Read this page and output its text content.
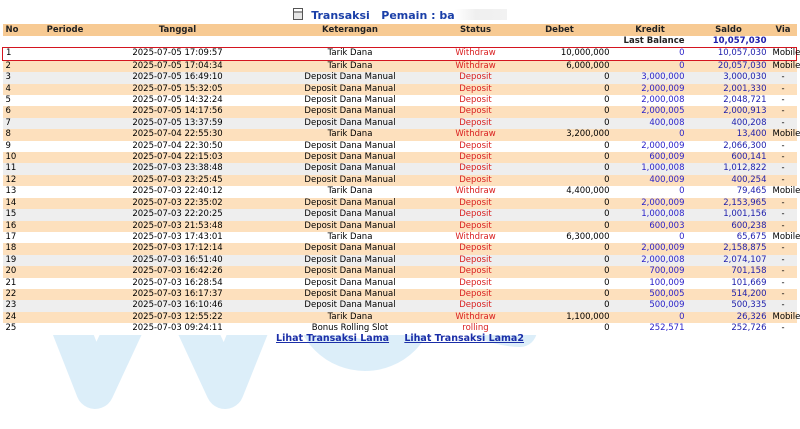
Transaksi Pemain : ba
No	Periode	Tanggal	Keterangan	Status	Debet	Kredit	Saldo	Via
Last Balance							10,057,030	
1		2025-07-05 17:09:57	Tarik Dana	Withdraw	10,000,000	0	10,057,030	Mobile
2		2025-07-05 17:04:34	Tarik Dana	Withdraw	6,000,000	0	20,057,030	Mobile
3		2025-07-05 16:49:10	Deposit Dana Manual	Deposit	0	3,000,000	3,000,030	-
4		2025-07-05 15:32:05	Deposit Dana Manual	Deposit	0	2,000,009	2,001,330	-
5		2025-07-05 14:32:24	Deposit Dana Manual	Deposit	0	2,000,008	2,048,721	-
6		2025-07-05 14:17:56	Deposit Dana Manual	Deposit	0	2,000,005	2,000,913	-
7		2025-07-05 13:37:59	Deposit Dana Manual	Deposit	0	400,008	400,208	-
8		2025-07-04 22:55:30	Tarik Dana	Withdraw	3,200,000	0	13,400	Mobile
9		2025-07-04 22:30:50	Deposit Dana Manual	Deposit	0	2,000,009	2,066,300	-
10		2025-07-04 22:15:03	Deposit Dana Manual	Deposit	0	600,009	600,141	-
11		2025-07-03 23:38:48	Deposit Dana Manual	Deposit	0	1,000,008	1,012,822	-
12		2025-07-03 23:25:45	Deposit Dana Manual	Deposit	0	400,009	400,254	-
13		2025-07-03 22:40:12	Tarik Dana	Withdraw	4,400,000	0	79,465	Mobile
14		2025-07-03 22:35:02	Deposit Dana Manual	Deposit	0	2,000,009	2,153,965	-
15		2025-07-03 22:20:25	Deposit Dana Manual	Deposit	0	1,000,008	1,001,156	-
16		2025-07-03 21:53:48	Deposit Dana Manual	Deposit	0	600,003	600,238	-
17		2025-07-03 17:43:01	Tarik Dana	Withdraw	6,300,000	0	65,675	Mobile
18		2025-07-03 17:12:14	Deposit Dana Manual	Deposit	0	2,000,009	2,158,875	-
19		2025-07-03 16:51:40	Deposit Dana Manual	Deposit	0	2,000,008	2,074,107	-
20		2025-07-03 16:42:26	Deposit Dana Manual	Deposit	0	700,009	701,158	-
21		2025-07-03 16:28:54	Deposit Dana Manual	Deposit	0	100,009	101,669	-
22		2025-07-03 16:17:37	Deposit Dana Manual	Deposit	0	500,005	514,200	-
23		2025-07-03 16:10:46	Deposit Dana Manual	Deposit	0	500,009	500,335	-
24		2025-07-03 12:55:22	Tarik Dana	Withdraw	1,100,000	0	26,326	Mobile
25		2025-07-03 09:24:11	Bonus Rolling Slot	rolling	0	252,571	252,726	-
Lihat Transaksi Lama Lihat Transaksi Lama2
